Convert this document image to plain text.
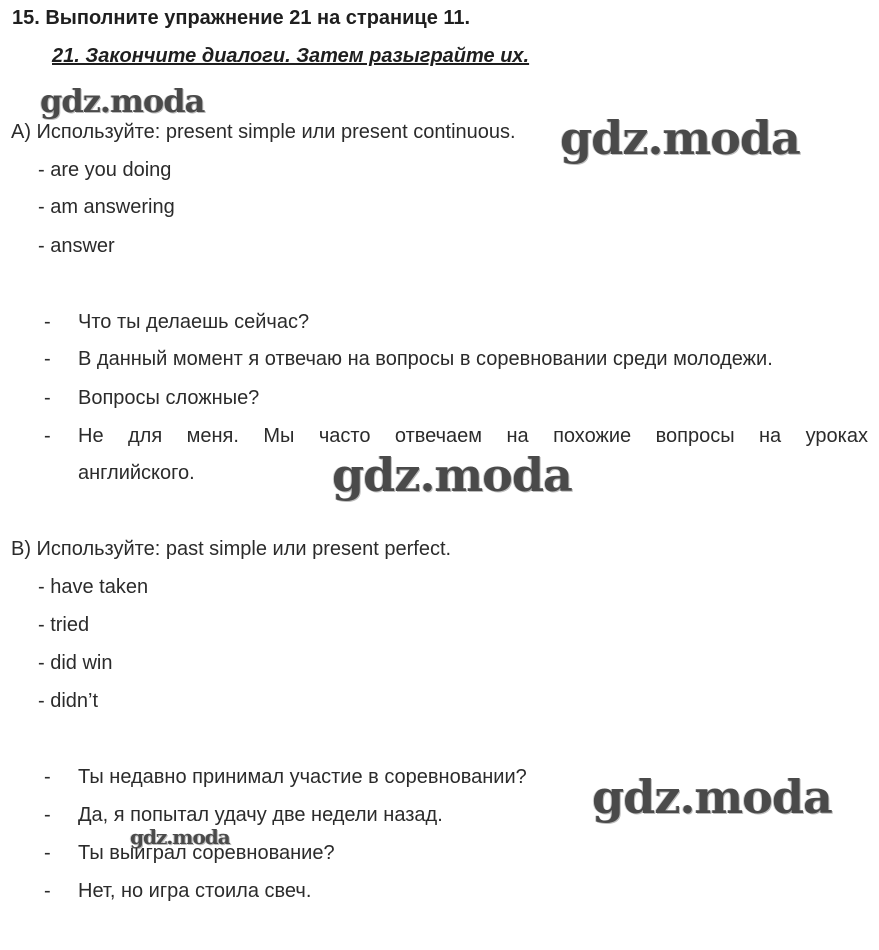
15. Выполните упражнение 21 на странице 11.
21. Закончите диалоги. Затем разыграйте их.
gdz.moda
A) Используйте: present simple или present continuous. gdz.moda
- are you doing
- am answering
- answer
- Что ты делаешь сейчас?
- В данный момент я отвечаю на вопросы в соревновании среди молодежи.
- Вопросы сложные?
- Не для меня. Мы часто отвечаем на похожие вопросы на уроках
английского.	gdz.moda
B) Используйте: past simple или present perfect.
- have taken
- tried
- did win
- didn’t
- Ты недавно принимал участие в соревновании? gdz.moda
- Да, я попытал удачу две недели назад.
gdz.moda
- Ты выиграл соревнование?
- Нет, но игра стоила свеч.
